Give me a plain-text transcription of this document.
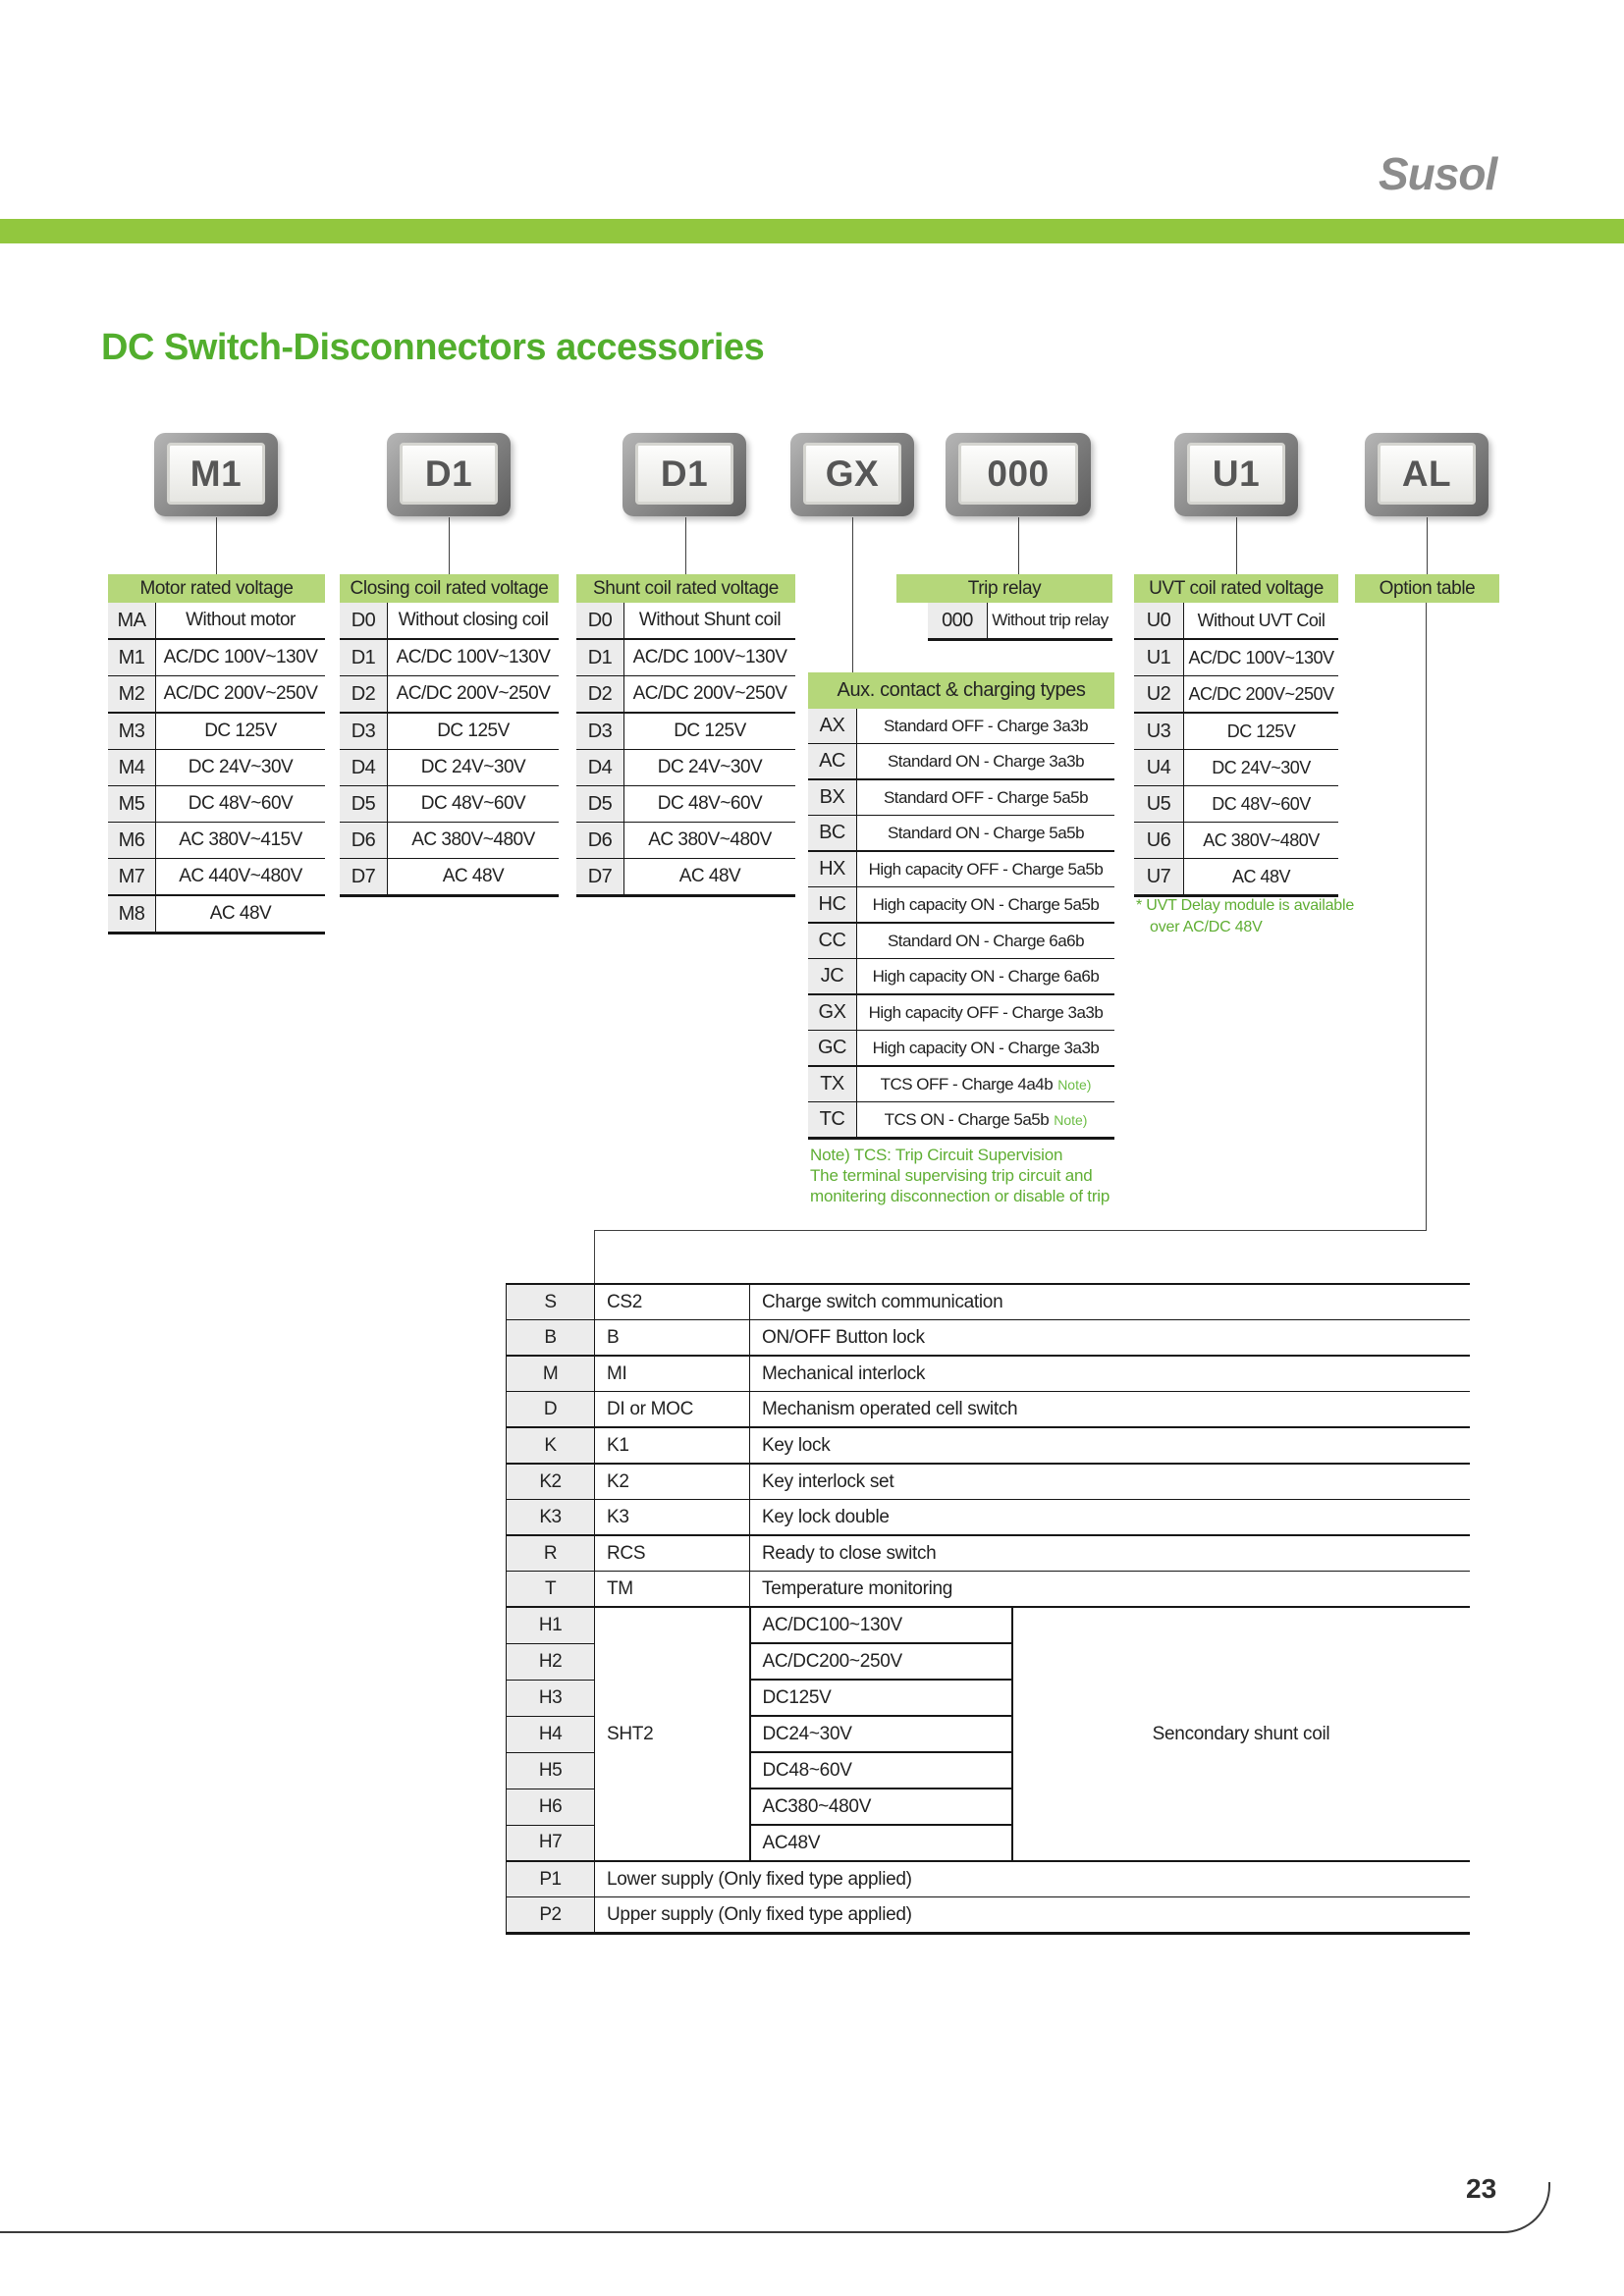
Susol
DC Switch-Disconnectors accessories
M1	D1	D1	GX	000	U1	AL
Motor rated voltage
MA	Without motor
M1	AC/DC 100V~130V
M2	AC/DC 200V~250V
M3	DC 125V
M4	DC 24V~30V
M5	DC 48V~60V
M6	AC 380V~415V
M7	AC 440V~480V
M8	AC 48V
Closing coil rated voltage
D0	Without closing coil
D1	AC/DC 100V~130V
D2	AC/DC 200V~250V
D3	DC 125V
D4	DC 24V~30V
D5	DC 48V~60V
D6	AC 380V~480V
D7	AC 48V
Shunt coil rated voltage
D0	Without Shunt coil
D1	AC/DC 100V~130V
D2	AC/DC 200V~250V
D3	DC 125V
D4	DC 24V~30V
D5	DC 48V~60V
D6	AC 380V~480V
D7	AC 48V
Trip relay
000	Without trip relay
Aux. contact & charging types
AX	Standard OFF - Charge 3a3b
AC	Standard ON - Charge 3a3b
BX	Standard OFF - Charge 5a5b
BC	Standard ON - Charge 5a5b
HX	High capacity OFF - Charge 5a5b
HC	High capacity ON - Charge 5a5b
CC	Standard ON - Charge 6a6b
JC	High capacity ON - Charge 6a6b
GX	High capacity OFF - Charge 3a3b
GC	High capacity ON - Charge 3a3b
TX	TCS OFF - Charge 4a4b Note)
TC	TCS ON - Charge 5a5b Note)
UVT coil rated voltage
U0	Without UVT Coil
U1	AC/DC 100V~130V
U2	AC/DC 200V~250V
U3	DC 125V
U4	DC 24V~30V
U5	DC 48V~60V
U6	AC 380V~480V
U7	AC 48V
Option table
Note) TCS: Trip Circuit Supervision
The terminal supervising trip circuit and
monitering disconnection or disable of trip
* UVT Delay module is available
over AC/DC 48V
S	CS2	Charge switch communication	
B	B	ON/OFF Button lock	
M	MI	Mechanical interlock	
D	DI or MOC	Mechanism operated cell switch	
K	K1	Key lock	
K2	K2	Key interlock set	
K3	K3	Key lock double	
R	RCS	Ready to close switch	
T	TM	Temperature monitoring	
H1	SHT2	AC/DC100~130V	Sencondary shunt coil
H2		AC/DC200~250V	
H3		DC125V	
H4		DC24~30V	
H5		DC48~60V	
H6		AC380~480V	
H7		AC48V	
P1	Lower supply (Only fixed type applied)		
P2	Upper supply (Only fixed type applied)		
23
